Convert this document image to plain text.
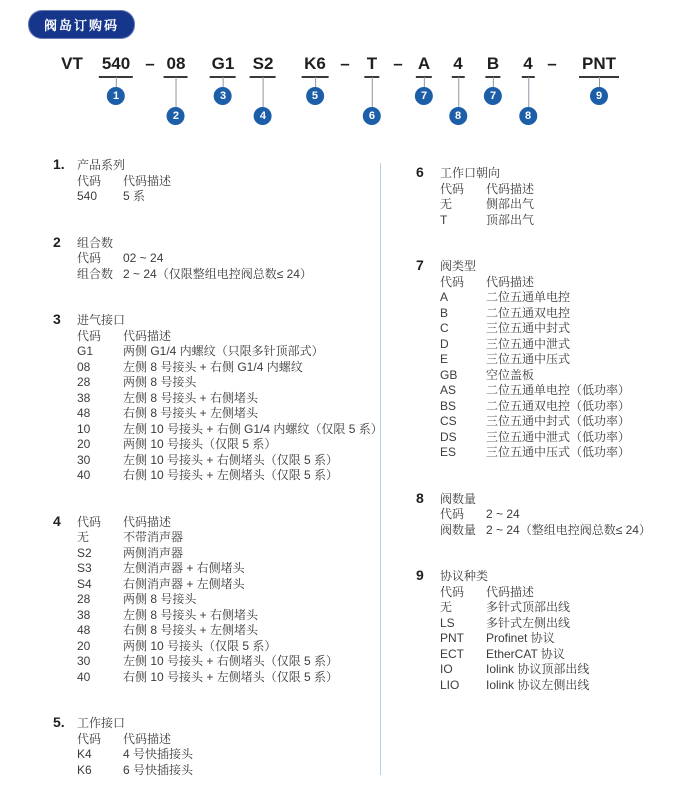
阀岛订购码
VT 540
1
– 08
2
G1
3
S2
4
K6
5
– T
6
– A
7
4
8
B
7
4
8
– PNT
9
1. 产品系列
代码	代码描述
540	5 系
2 组合数
代码	02 ~ 24
组合数 2 ~ 24（仅限整组电控阀总数≤ 24）
3 进气接口
代码	代码描述
G1	两侧 G1/4 内螺纹（只限多针顶部式）
08	左侧 8 号接头 + 右侧 G1/4 内螺纹
28	两侧 8 号接头
38	左侧 8 号接头 + 右侧堵头
48	右侧 8 号接头 + 左侧堵头
10	左侧 10 号接头 + 右侧 G1/4 内螺纹（仅限 5 系）
20	两侧 10 号接头（仅限 5 系）
30	左侧 10 号接头 + 右侧堵头（仅限 5 系）
40	右侧 10 号接头 + 左侧堵头（仅限 5 系）
4 代码	代码描述
无	不带消声器
S2	两侧消声器
S3	左侧消声器 + 右侧堵头
S4	右侧消声器 + 左侧堵头
28	两侧 8 号接头
38	左侧 8 号接头 + 右侧堵头
48	右侧 8 号接头 + 左侧堵头
20	两侧 10 号接头（仅限 5 系）
30	左侧 10 号接头 + 右侧堵头（仅限 5 系）
40	右侧 10 号接头 + 左侧堵头（仅限 5 系）
5. 工作接口
代码	代码描述
K4	4 号快插接头
K6	6 号快插接头
6 工作口朝向
代码	代码描述
无	侧部出气
T	顶部出气
7 阀类型
代码	代码描述
A	二位五通单电控
B	二位五通双电控
C	三位五通中封式
D	三位五通中泄式
E	三位五通中压式
GB	空位盖板
AS	二位五通单电控（低功率）
BS	二位五通双电控（低功率）
CS	三位五通中封式（低功率）
DS	三位五通中泄式（低功率）
ES	三位五通中压式（低功率）
8 阀数量
代码	2 ~ 24
阀数量 2 ~ 24（整组电控阀总数≤ 24）
9 协议种类
代码	代码描述
无	多针式顶部出线
LS	多针式左侧出线
PNT	Profinet 协议
ECT	EtherCAT 协议
IO	Iolink 协议顶部出线
LIO	Iolink 协议左侧出线
